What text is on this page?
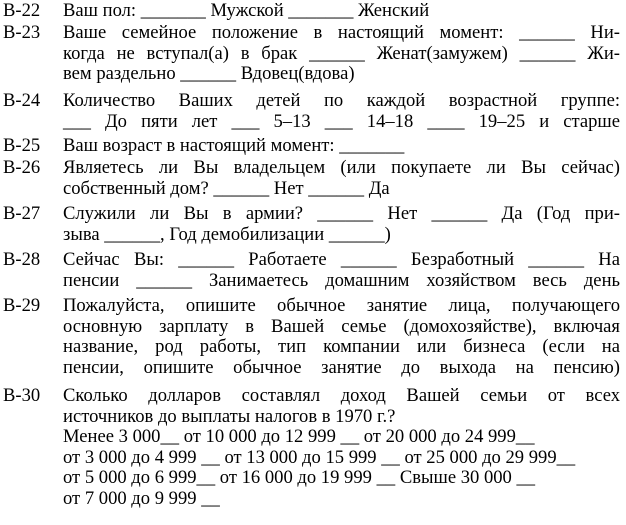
B-22 Ваш пол: _______ Мужской _______ Женский
B-23 Ваше семейное положение в настоящий момент: ______ Ни-
когда не вступал(а) в брак ______ Женат(замужем) ______ Жи-
вем раздельно ______ Вдовец(вдова)
B-24 Количество Ваших детей по каждой возрастной группе:
___ До пяти лет ___ 5–13 ___ 14–18 ____ 19–25 и старше
B-25 Ваш возраст в настоящий момент: _______
B-26 Являетесь ли Вы владельцем (или покупаете ли Вы сейчас)
собственный дом? ______ Нет ______ Да
B-27 Служили ли Вы в армии? ______ Нет ______ Да (Год при-
зыва ______, Год демобилизации ______)
B-28 Сейчас Вы: ______ Работаете ______ Безработный ______ На
пенсии ______ Занимаетесь домашним хозяйством весь день
B-29 Пожалуйста, опишите обычное занятие лица, получающего
основную зарплату в Вашей семье (домохозяйстве), включая
название, род работы, тип компании или бизнеса (если на
пенсии, опишите обычное занятие до выхода на пенсию)
B-30 Сколько долларов составлял доход Вашей семьи от всех
источников до выплаты налогов в 1970 г.?
Менее 3 000__ от 10 000 до 12 999 __ от 20 000 до 24 999__
от 3 000 до 4 999 __ от 13 000 до 15 999 __ от 25 000 до 29 999__
от 5 000 до 6 999__ от 16 000 до 19 999 __ Свыше 30 000 __
от 7 000 до 9 999 __
